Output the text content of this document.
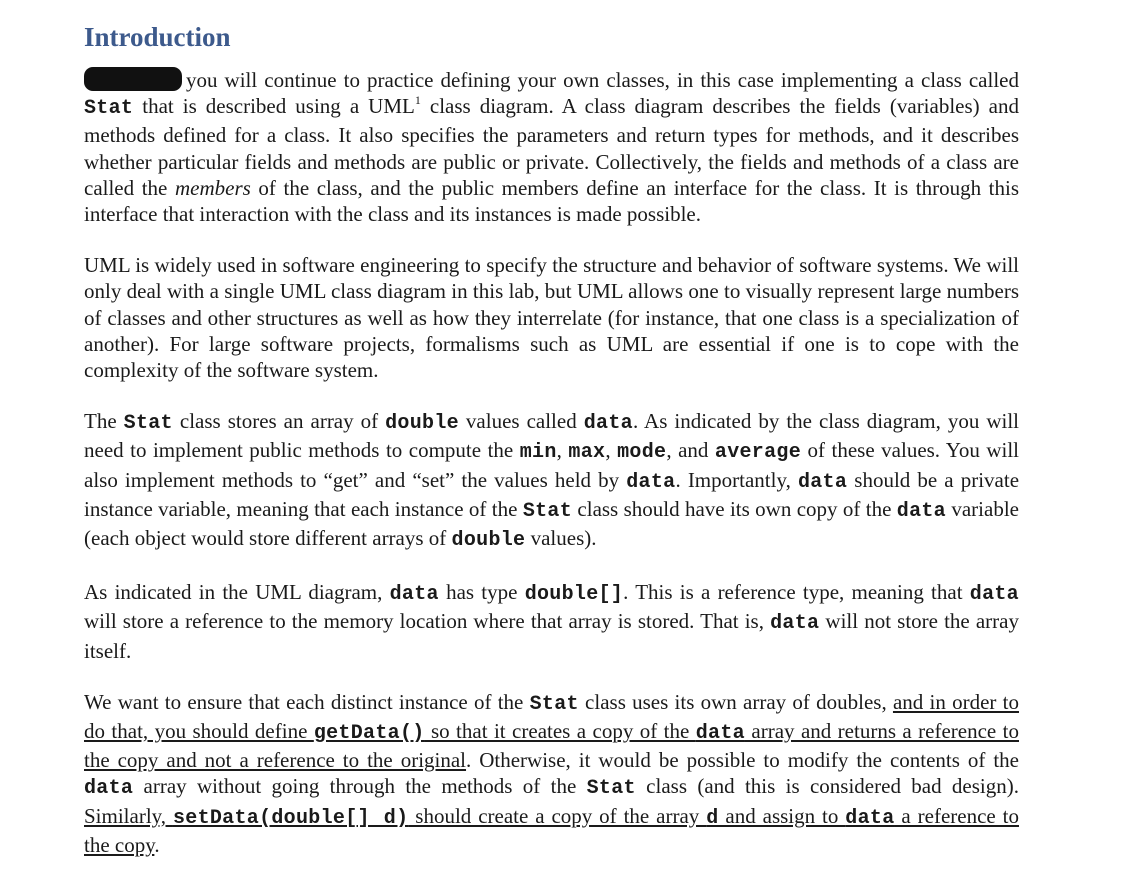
Introduction

you will continue to practice defining your own classes, in this case implementing a class called Stat that is described using a UML$^1$ class diagram. A class diagram describes the fields (variables) and methods defined for a class. It also specifies the parameters and return types for methods, and it describes whether particular fields and methods are public or private. Collectively, the fields and methods of a class are called the members of the class, and the public members define an interface for the class. It is through this interface that interaction with the class and its instances is made possible.

UML is widely used in software engineering to specify the structure and behavior of software systems. We will only deal with a single UML class diagram in this lab, but UML allows one to visually represent large numbers of classes and other structures as well as how they interrelate (for instance, that one class is a specialization of another). For large software projects, formalisms such as UML are essential if one is to cope with the complexity of the software system.

The Stat class stores an array of double values called data. As indicated by the class diagram, you will need to implement public methods to compute the min, max, mode, and average of these values. You will also implement methods to “get” and “set” the values held by data. Importantly, data should be a private instance variable, meaning that each instance of the Stat class should have its own copy of the data variable (each object would store different arrays of double values).

As indicated in the UML diagram, data has type double[]. This is a reference type, meaning that data will store a reference to the memory location where that array is stored. That is, data will not store the array itself.

We want to ensure that each distinct instance of the Stat class uses its own array of doubles, and in order to do that, you should define getData() so that it creates a copy of the data array and returns a reference to the copy and not a reference to the original. Otherwise, it would be possible to modify the contents of the data array without going through the methods of the Stat class (and this is considered bad design). Similarly, setData(double[] d) should create a copy of the array d and assign to data a reference to the copy.
